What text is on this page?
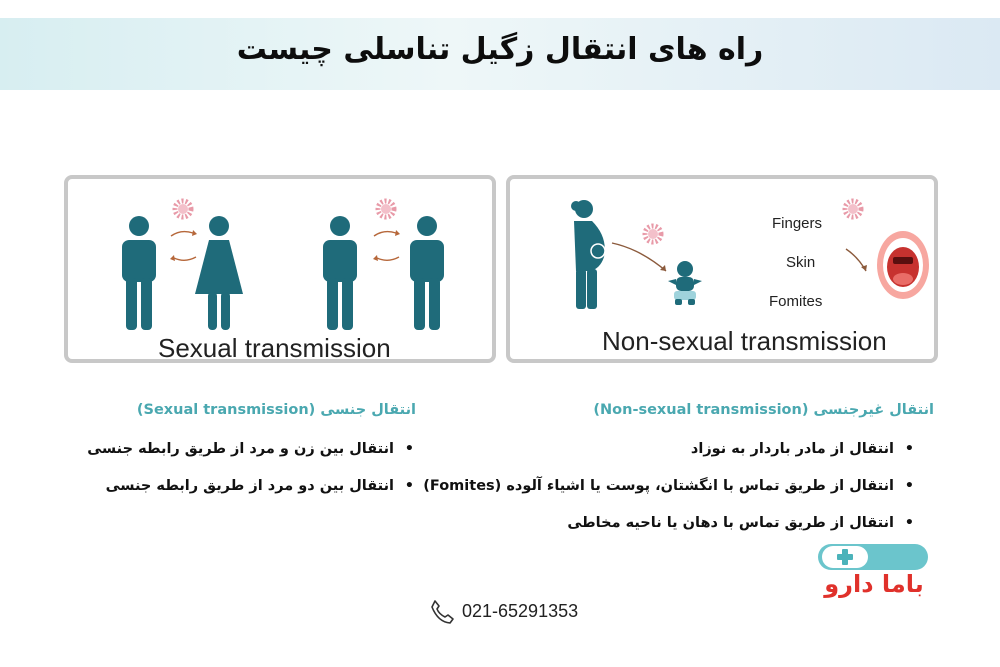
راه های انتقال زگیل تناسلی چیست
Sexual transmission
Fingers
Skin
Fomites
Non-sexual transmission
انتقال غیرجنسی (Non-sexual transmission)
• انتقال از مادر باردار به نوزاد
• انتقال از طریق تماس با انگشتان، پوست یا اشیاء آلوده (Fomites)
• انتقال از طریق تماس با دهان یا ناحیه مخاطی
انتقال جنسی (Sexual transmission)
• انتقال بین زن و مرد از طریق رابطه جنسی
• انتقال بین دو مرد از طریق رابطه جنسی
باما دارو
021-65291353
